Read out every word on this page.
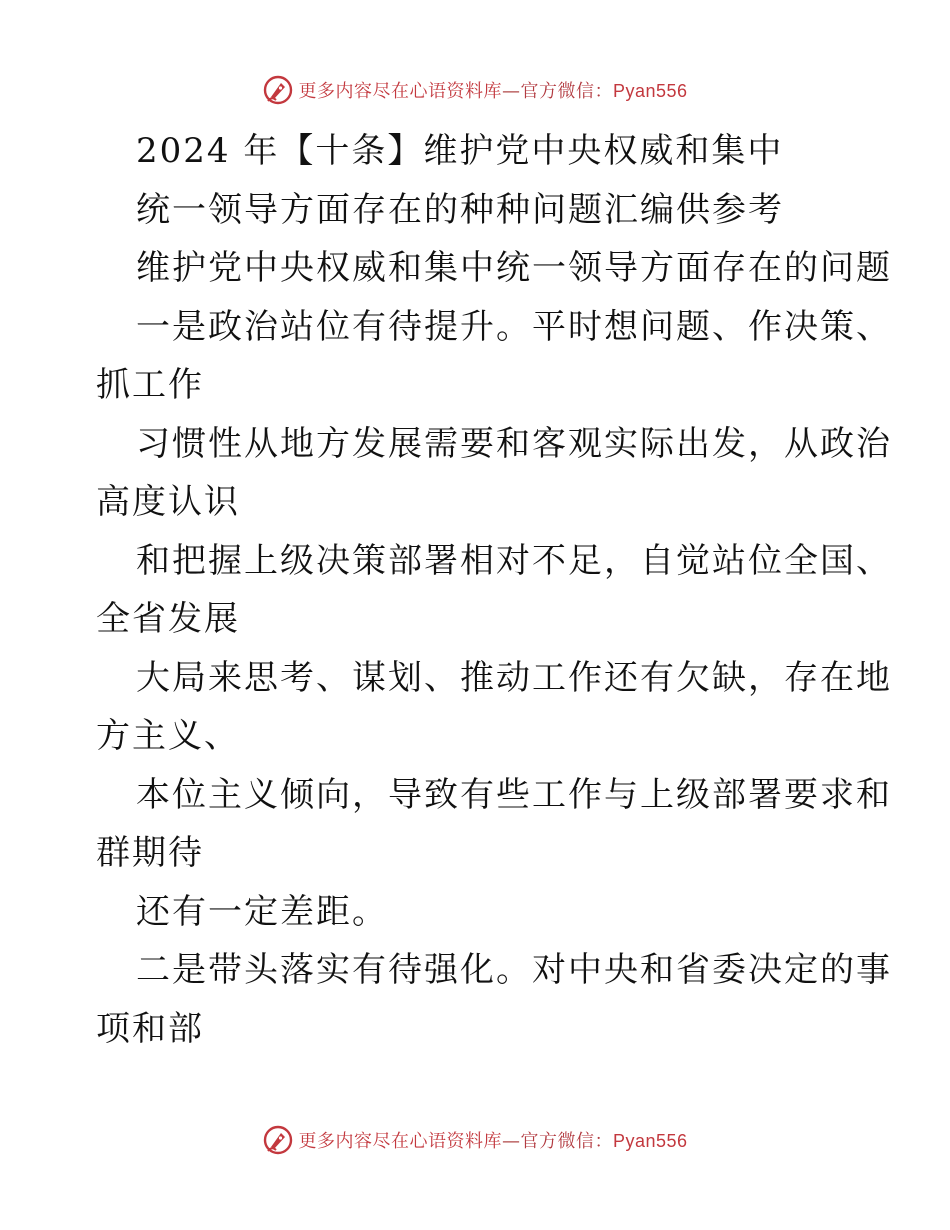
更多内容尽在心语资料库—官方微信：Pyan556
2024 年【十条】维护党中央权威和集中
统一领导方面存在的种种问题汇编供参考
维护党中央权威和集中统一领导方面存在的问题
一是政治站位有待提升。平时想问题、作决策、
抓工作
习惯性从地方发展需要和客观实际出发，从政治
高度认识
和把握上级决策部署相对不足，自觉站位全国、
全省发展
大局来思考、谋划、推动工作还有欠缺，存在地
方主义、
本位主义倾向，导致有些工作与上级部署要求和
群期待
还有一定差距。
二是带头落实有待强化。对中央和省委决定的事
项和部
更多内容尽在心语资料库—官方微信：Pyan556
